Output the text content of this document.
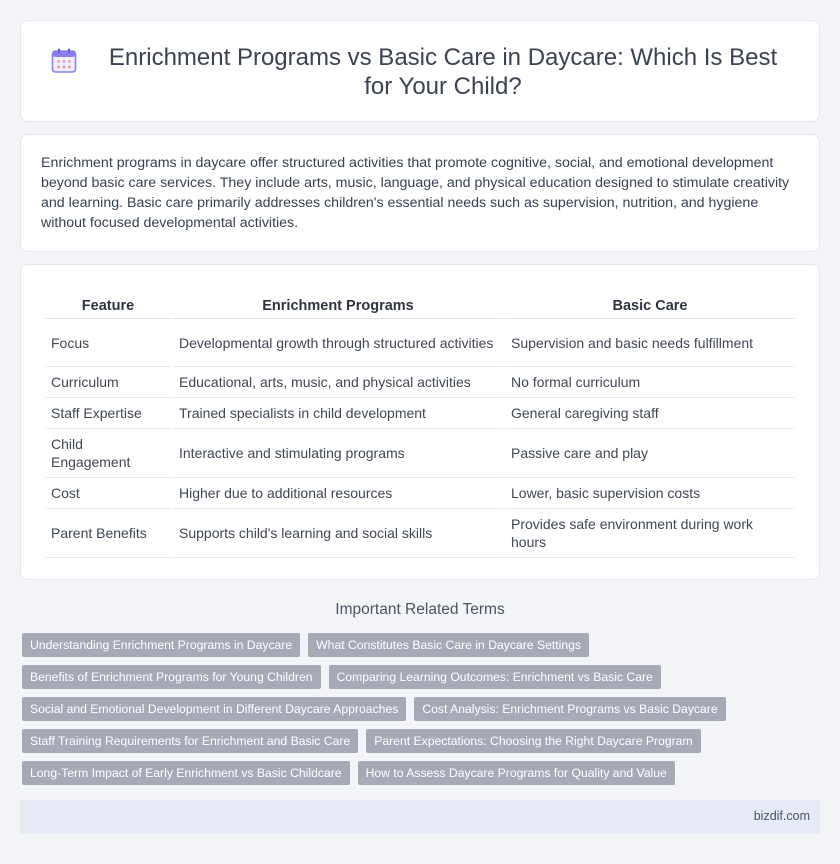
Enrichment Programs vs Basic Care in Daycare: Which Is Best for Your Child?

Enrichment programs in daycare offer structured activities that promote cognitive, social, and emotional development beyond basic care services. They include arts, music, language, and physical education designed to stimulate creativity and learning. Basic care primarily addresses children's essential needs such as supervision, nutrition, and hygiene without focused developmental activities.

Feature	Enrichment Programs	Basic Care
Focus	Developmental growth through structured activities	Supervision and basic needs fulfillment
Curriculum	Educational, arts, music, and physical activities	No formal curriculum
Staff Expertise	Trained specialists in child development	General caregiving staff
Child Engagement	Interactive and stimulating programs	Passive care and play
Cost	Higher due to additional resources	Lower, basic supervision costs
Parent Benefits	Supports child's learning and social skills	Provides safe environment during work hours
Important Related Terms
Understanding Enrichment Programs in Daycare	What Constitutes Basic Care in Daycare Settings
Benefits of Enrichment Programs for Young Children	Comparing Learning Outcomes: Enrichment vs Basic Care
Social and Emotional Development in Different Daycare Approaches	Cost Analysis: Enrichment Programs vs Basic Daycare
Staff Training Requirements for Enrichment and Basic Care	Parent Expectations: Choosing the Right Daycare Program
Long-Term Impact of Early Enrichment vs Basic Childcare	How to Assess Daycare Programs for Quality and Value
bizdif.com
